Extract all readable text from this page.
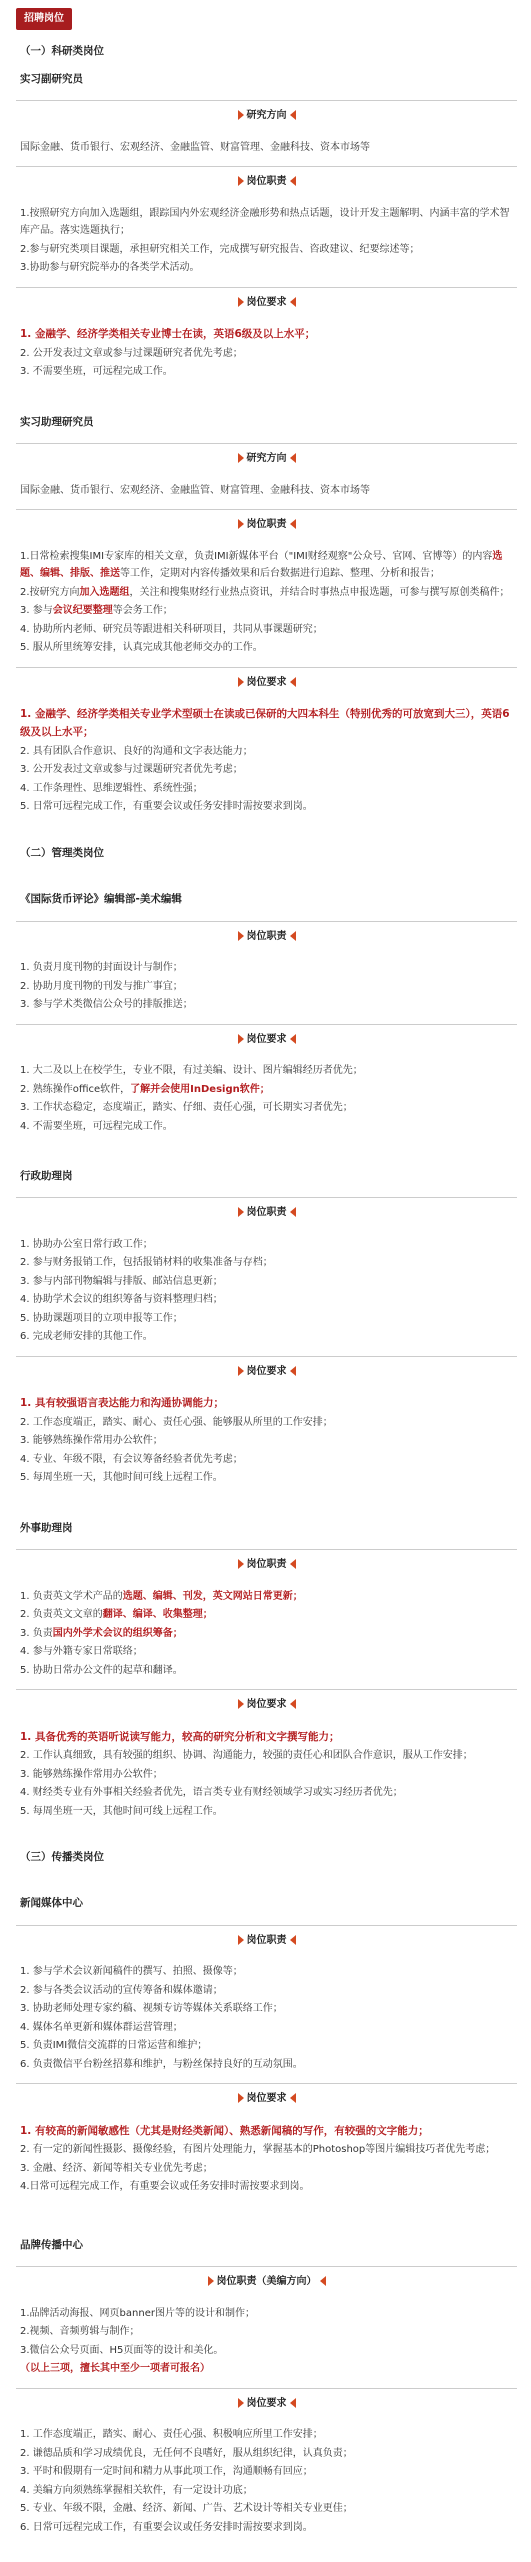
招聘岗位
（一）科研类岗位
实习副研究员
研究方向
国际金融、货币银行、宏观经济、金融监管、财富管理、金融科技、资本市场等
岗位职责

1.按照研究方向加入选题组，跟踪国内外宏观经济金融形势和热点话题，设计开发主题解明、内涵丰富的学术智库产品。落实选题执行；

2.参与研究类项目课题，承担研究相关工作，完成撰写研究报告、咨政建议、纪要综述等；

3.协助参与研究院举办的各类学术活动。

岗位要求

1. 金融学、经济学类相关专业博士在读，英语6级及以上水平；

2. 公开发表过文章或参与过课题研究者优先考虑；

3. 不需要坐班，可远程完成工作。

实习助理研究员
研究方向
国际金融、货币银行、宏观经济、金融监管、财富管理、金融科技、资本市场等
岗位职责

1.日常检索搜集IMI专家库的相关文章，负责IMI新媒体平台（"IMI财经观察"公众号、官网、官博等）的内容选题、编辑、排版、推送等工作，定期对内容传播效果和后台数据进行追踪、整理、分析和报告；

2.按研究方向加入选题组，关注和搜集财经行业热点资讯，并结合时事热点申报选题，可参与撰写原创类稿件；

3. 参与会议纪要整理等会务工作；

4. 协助所内老师、研究员等跟进相关科研项目，共同从事课题研究；

5. 服从所里统筹安排，认真完成其他老师交办的工作。

岗位要求

1. 金融学、经济学类相关专业学术型硕士在读或已保研的大四本科生（特别优秀的可放宽到大三），英语6级及以上水平；

2. 具有团队合作意识、良好的沟通和文字表达能力；

3. 公开发表过文章或参与过课题研究者优先考虑；

4. 工作条理性、思维逻辑性、系统性强；

5. 日常可远程完成工作，有重要会议或任务安排时需按要求到岗。

（二）管理类岗位
《国际货币评论》编辑部-美术编辑
岗位职责

1. 负责月度刊物的封面设计与制作；

2. 协助月度刊物的刊发与推广事宜；

3. 参与学术类微信公众号的排版推送；

岗位要求

1. 大二及以上在校学生，专业不限，有过美编、设计、图片编辑经历者优先；

2. 熟练操作office软件，了解并会使用InDesign软件；

3. 工作状态稳定，态度端正，踏实、仔细、责任心强，可长期实习者优先；

4. 不需要坐班，可远程完成工作。

行政助理岗
岗位职责

1. 协助办公室日常行政工作；

2. 参与财务报销工作，包括报销材料的收集准备与存档；

3. 参与内部刊物编辑与排版、邮站信息更新；

4. 协助学术会议的组织筹备与资料整理归档；

5. 协助课题项目的立项申报等工作；

6. 完成老师安排的其他工作。

岗位要求

1. 具有较强语言表达能力和沟通协调能力；

2. 工作态度端正，踏实、耐心、责任心强、能够服从所里的工作安排；

3. 能够熟练操作常用办公软件；

4. 专业、年级不限，有会议筹备经验者优先考虑；

5. 每周坐班一天，其他时间可线上远程工作。

外事助理岗
岗位职责

1. 负责英文学术产品的选题、编辑、刊发，英文网站日常更新；

2. 负责英文文章的翻译、编译、收集整理；

3. 负责国内外学术会议的组织筹备；

4. 参与外籍专家日常联络；

5. 协助日常办公文件的起草和翻译。

岗位要求

1. 具备优秀的英语听说读写能力，较高的研究分析和文字撰写能力；

2. 工作认真细致，具有较强的组织、协调、沟通能力，较强的责任心和团队合作意识，服从工作安排；

3. 能够熟练操作常用办公软件；

4. 财经类专业有外事相关经验者优先，语言类专业有财经领域学习或实习经历者优先；

5. 每周坐班一天，其他时间可线上远程工作。

（三）传播类岗位
新闻媒体中心
岗位职责

1. 参与学术会议新闻稿件的撰写、拍照、摄像等；

2. 参与各类会议活动的宣传筹备和媒体邀请；

3. 协助老师处理专家约稿、视频专访等媒体关系联络工作；

4. 媒体名单更新和媒体群运营管理；

5. 负责IMI微信交流群的日常运营和维护；

6. 负责微信平台粉丝招募和维护，与粉丝保持良好的互动氛围。

岗位要求

1. 有较高的新闻敏感性（尤其是财经类新闻）、熟悉新闻稿的写作，有较强的文字能力；

2. 有一定的新闻性摄影、摄像经验，有图片处理能力，掌握基本的Photoshop等图片编辑技巧者优先考虑；

3. 金融、经济、新闻等相关专业优先考虑；

4.日常可远程完成工作，有重要会议或任务安排时需按要求到岗。

品牌传播中心
岗位职责（美编方向）

1.品牌活动海报、网页banner图片等的设计和制作；

2.视频、音频剪辑与制作；

3.微信公众号页面、H5页面等的设计和美化。

（以上三项，擅长其中至少一项者可报名）

岗位要求

1. 工作态度端正，踏实、耐心、责任心强、积极响应所里工作安排；

2. 谦德品质和学习成绩优良，无任何不良嗜好，服从组织纪律，认真负责；

3. 平时和假期有一定时间和精力从事此项工作，沟通顺畅有回应；

4. 美编方向须熟练掌握相关软件，有一定设计功底；

5. 专业、年级不限，金融、经济、新闻、广告、艺术设计等相关专业更佳；

6. 日常可远程完成工作，有重要会议或任务安排时需按要求到岗。
